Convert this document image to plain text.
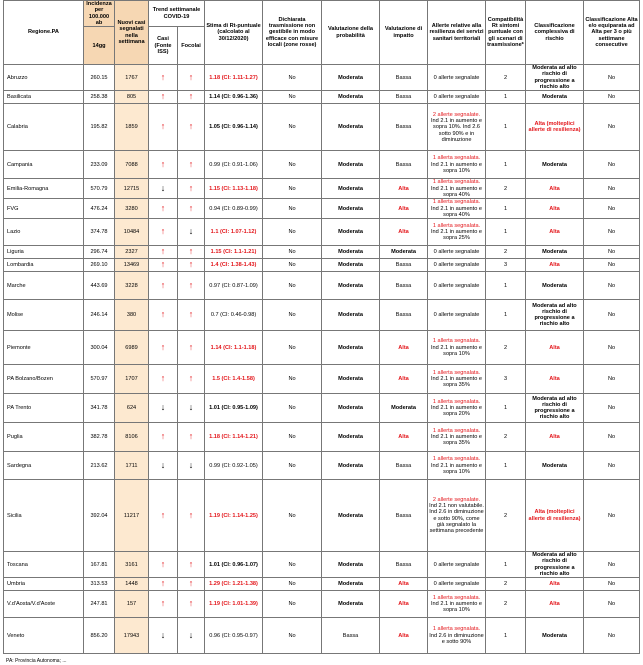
Regione.PA	Incidenza per 100.000 ab	Nuovi casi segnalati nella settimana	Trend settimanale COVID-19		Stima di Rt-puntuale (calcolato al 30/12/2020)	Dichiarata trasmissione non gestibile in modo efficace con misure locali (zone rosse)	Valutazione della probabilità	Valutazione di impatto	Allerte relative alla resilienza dei servizi sanitari territoriali	Compatibilità Rt sintomi puntuale con gli scenari di trasmissione*	Classificazione complessiva di rischio	Classificazione Alta e/o equiparata ad Alta per 3 o più settimane consecutive
	14gg		Casi (Fonte ISS)	Focolai								
Abruzzo	260.15	1767	↑	↑	1.18 (CI: 1.11-1.27)	No	Moderata	Bassa	0 allerte segnalate	2	Moderata ad alto rischio di progressione a rischio alto	No
Basilicata	258.38	805	↑	↑	1.14 (CI: 0.96-1.36)	No	Moderata	Bassa	0 allerte segnalate	1	Moderata	No
Calabria	195.82	1859	↑	↑	1.05 (CI: 0.96-1.14)	No	Moderata	Bassa	2 allerte segnalate. Ind 2.1 in aumento e sopra 10%. Ind 2.6 sotto 90% e in diminuzione	1	Alta (molteplici allerte di resilienza)	No
Campania	233.09	7088	↑	↑	0.99 (CI: 0.91-1.06)	No	Moderata	Bassa	1 allerta segnalata. Ind 2.1 in aumento e sopra 10%	1	Moderata	No
Emilia-Romagna	570.79	12715	↓	↑	1.15 (CI: 1.13-1.18)	No	Moderata	Alta	1 allerta segnalata. Ind 2.1 in aumento e sopra 40%	2	Alta	No
FVG	476.24	3280	↑	↑	0.94 (CI: 0.89-0.99)	No	Moderata	Alta	1 allerta segnalata. Ind 2.1 in aumento e sopra 40%	1	Alta	No
Lazio	374.78	10484	↑	↓	1.1 (CI: 1.07-1.12)	No	Moderata	Alta	1 allerta segnalata. Ind 2.1 in aumento e sopra 25%	1	Alta	No
Liguria	296.74	2327	↑	↑	1.15 (CI: 1.1-1.21)	No	Moderata	Moderata	0 allerte segnalate	2	Moderata	No
Lombardia	269.10	13469	↑	↑	1.4 (CI: 1.38-1.43)	No	Moderata	Bassa	0 allerte segnalate	3	Alta	No
Marche	443.69	3228	↑	↑	0.97 (CI: 0.87-1.09)	No	Moderata	Bassa	0 allerte segnalate	1	Moderata	No
Molise	246.14	380	↑	↑	0.7 (CI: 0.46-0.98)	No	Moderata	Bassa	0 allerte segnalate	1	Moderata ad alto rischio di progressione a rischio alto	No
Piemonte	300.04	6989	↑	↑	1.14 (CI: 1.1-1.18)	No	Moderata	Alta	1 allerta segnalata. Ind 2.1 in aumento e sopra 10%	2	Alta	No
PA Bolzano/Bozen	570.97	1707	↑	↑	1.5 (CI: 1.4-1.58)	No	Moderata	Alta	1 allerta segnalata. Ind 2.1 in aumento e sopra 35%	3	Alta	No
PA Trento	341.78	624	↓	↓	1.01 (CI: 0.95-1.09)	No	Moderata	Moderata	1 allerta segnalata. Ind 2.1 in aumento e sopra 20%	1	Moderata ad alto rischio di progressione a rischio alto	No
Puglia	382.78	8106	↑	↑	1.18 (CI: 1.14-1.21)	No	Moderata	Alta	1 allerta segnalata. Ind 2.1 in aumento e sopra 35%	2	Alta	No
Sardegna	213.62	1711	↓	↓	0.99 (CI: 0.92-1.05)	No	Moderata	Bassa	1 allerta segnalata. Ind 2.1 in aumento e sopra 10%	1	Moderata	No
Sicilia	392.04	11217	↑	↑	1.19 (CI: 1.14-1.25)	No	Moderata	Bassa	2 allerte segnalate. Ind 2.1 non valutabile. Ind 2.6 in diminuzione e sotto 90%, come già segnalato la settimana precedente	2	Alta (molteplici allerte di resilienza)	No
Toscana	167.81	3161	↑	↑	1.01 (CI: 0.96-1.07)	No	Moderata	Bassa	0 allerte segnalate	1	Moderata ad alto rischio di progressione a rischio alto	No
Umbria	313.53	1448	↑	↑	1.29 (CI: 1.21-1.38)	No	Moderata	Alta	0 allerte segnalate	2	Alta	No
V.d'Aosta/V.d'Aoste	247.81	157	↑	↑	1.19 (CI: 1.01-1.39)	No	Moderata	Alta	1 allerta segnalata. Ind 2.1 in aumento e sopra 10%	2	Alta	No
Veneto	856.20	17943	↓	↓	0.96 (CI: 0.95-0.97)	No	Bassa	Alta	1 allerta segnalata. Ind 2.6 in diminuzione e sotto 90%	1	Moderata	No
PA: Provincia Autonoma; ...
